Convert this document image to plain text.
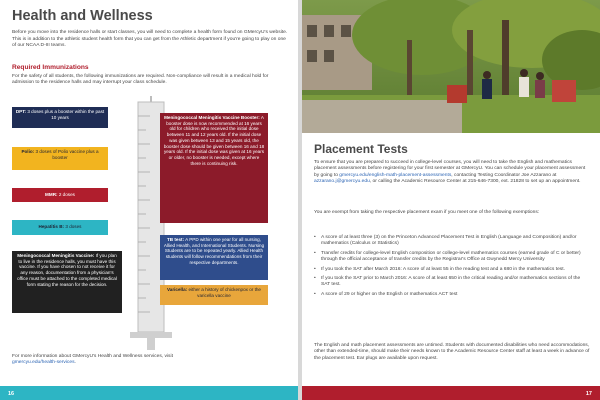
Health and Wellness

Before you move into the residence halls or start classes, you will need to complete a health form found on GMercyU's website. This is in addition to the athletic student health form that you can get from the Athletic department if you're going to play on one of our NCAA D-III teams.

Required Immunizations

For the safety of all students, the following immunizations are required. Non-compliance will result in a medical hold for admission to the residence halls and may interrupt your class schedule.

DPT: 3 doses plus a booster within the past 10 years
Polio: 3 doses of Polio vaccine plus a booster
MMR: 2 doses
Hepatitis B: 3 doses
Meningococcal Meningitis Vaccine: If you plan to live in the residence halls, you must have this vaccine. If you have chosen to not receive it for any reason, documentation from a physician's office must be attached to the completed medical form stating the reason for the decision.
Meningococcal Meningitis Vaccine Booster: A booster dose is now recommended at 16 years old for children who received the initial dose between 11 and 12 years old. If the initial dose was given between 13 and 15 years old, the booster dose should be given between 16 and 18 years old. If the initial dose was given at 16 years or older, no booster is needed, except where there is continuing risk.
TB test: A PPD within one year for all nursing, Allied Health, and International Students. Nursing Students are to be repeated yearly. Allied Health students will follow recommendations from their respective departments.
Varicella: either a history of chickenpox or the varicella vaccine

For more information about GMercyU's Health and Wellness services, visit
gmercyu.edu/health-services.

16
Placement Tests

To ensure that you are prepared to succeed in college-level courses, you will need to take the English and mathematics placement assessments before registering for your first semester at GMercyU. You can schedule your placement assessment by going to gmercyu.edu/english-math-placement-assessments, contacting Testing Coordinator Joe Azzarano at azzarano.j@gmercyu.edu, or calling the Academic Resource Center at 215-646-7300, ext. 21828 to set up an appointment.

You are exempt from taking the respective placement exam if you meet one of the following exemptions:

• A score of at least three (3) on the Princeton Advanced Placement Test in English (Language and Composition) and/or mathematics (Calculus or Statistics)
• Transfer credits for college-level English composition or college-level mathematics courses (earned grade of C or better) through the official acceptance of transfer credits by the Registrar's Office at Gwynedd Mercy University
• If you took the SAT after March 2016: A score of at least 55 in the reading test and a 680 in the mathematics test.
• If you took the SAT prior to March 2016: A score of at least 650 in the critical reading and/or mathematics sections of the SAT test.
• A score of 29 or higher on the English or mathematics ACT test

The English and math placement assessments are untimed. Students with documented disabilities who need accommodations, other than extended-time, should make their needs known to the Academic Resource Center staff at least a week in advance of the placement test. Ear plugs are available upon request.

17
